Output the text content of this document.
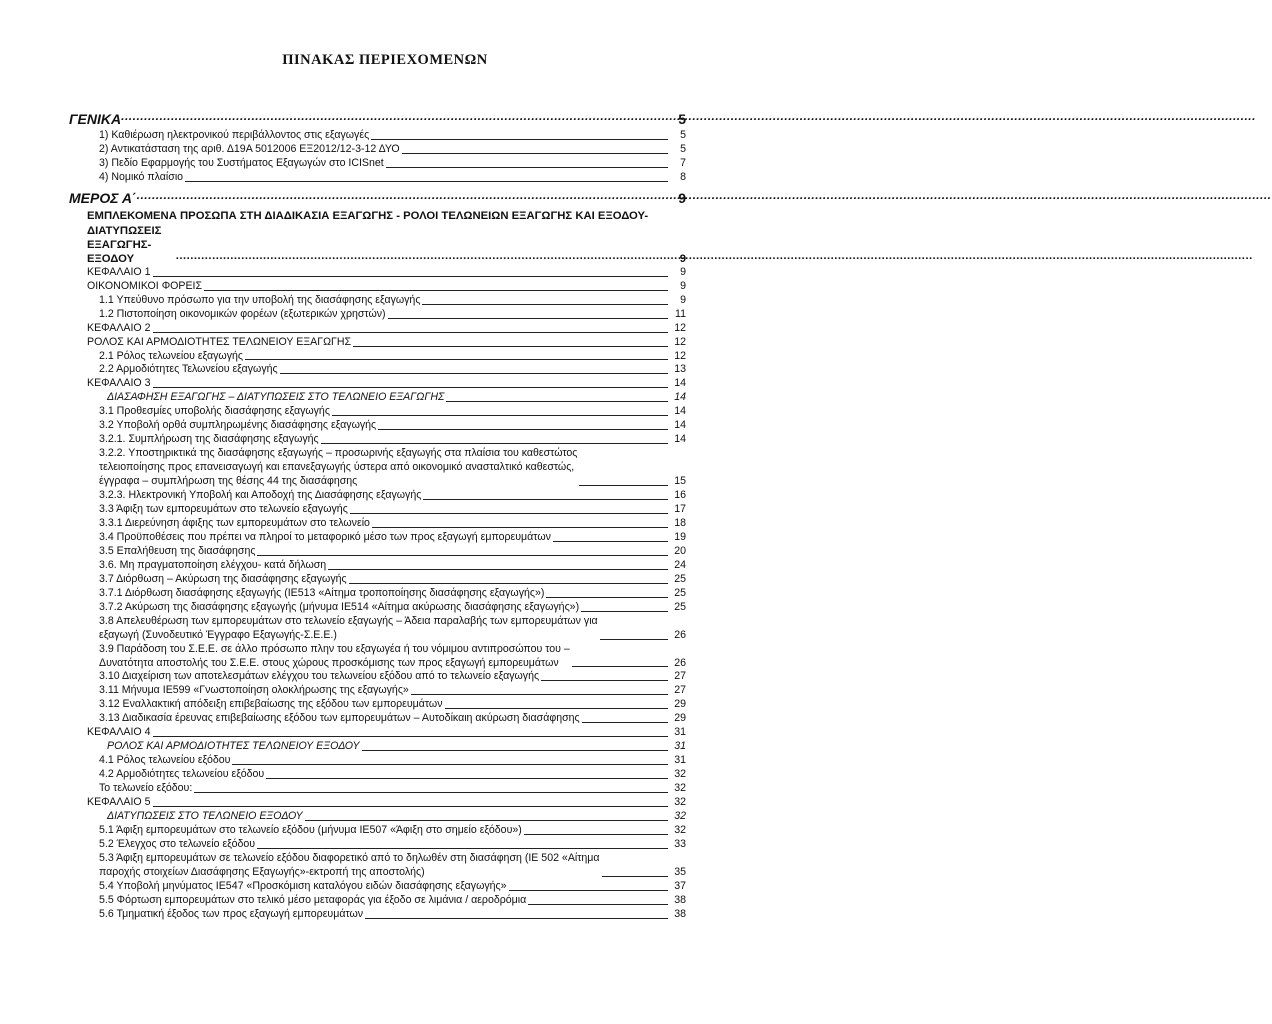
ΠΙΝΑΚΑΣ ΠΕΡΙΕΧΟΜΕΝΩΝ
ΓΕΝΙΚΑ .....	5
1) Καθιέρωση ηλεκτρονικού περιβάλλοντος στις εξαγωγές	5
2) Αντικατάσταση της αριθ. Δ19Α 5012006 ΕΞ2012/12-3-12 ΔΥΟ	5
3) Πεδίο Εφαρμογής του Συστήματος Εξαγωγών στο ICISnet	7
4) Νομικό πλαίσιο	8
ΜΕΡΟΣ Α΄ .....	9
ΕΜΠΛΕΚΟΜΕΝΑ ΠΡΟΣΩΠΑ ΣΤΗ ΔΙΑΔΙΚΑΣΙΑ ΕΞΑΓΩΓΗΣ - ΡΟΛΟΙ ΤΕΛΩΝΕΙΩΝ ΕΞΑΓΩΓΗΣ ΚΑΙ ΕΞΟΔΟΥ-
ΔΙΑΤΥΠΩΣΕΙΣ ΕΞΑΓΩΓΗΣ- ΕΞΟΔΟΥ .....	9
ΚΕΦΑΛΑΙΟ 1	9
ΟΙΚΟΝΟΜΙΚΟΙ ΦΟΡΕΙΣ	9
1.1 Υπεύθυνο πρόσωπο για την υποβολή της διασάφησης εξαγωγής	9
1.2 Πιστοποίηση οικονομικών φορέων (εξωτερικών χρηστών)	11
ΚΕΦΑΛΑΙΟ 2	12
ΡΟΛΟΣ ΚΑΙ ΑΡΜΟΔΙΟΤΗΤΕΣ ΤΕΛΩΝΕΙΟΥ ΕΞΑΓΩΓΗΣ	12
2.1 Ρόλος τελωνείου εξαγωγής	12
2.2 Αρμοδιότητες Τελωνείου εξαγωγής	13
ΚΕΦΑΛΑΙΟ 3	14
ΔΙΑΣΑΦΗΣΗ ΕΞΑΓΩΓΗΣ – ΔΙΑΤΥΠΩΣΕΙΣ ΣΤΟ ΤΕΛΩΝΕΙΟ ΕΞΑΓΩΓΗΣ	14
3.1 Προθεσμίες υποβολής διασάφησης εξαγωγής	14
3.2 Υποβολή ορθά συμπληρωμένης διασάφησης εξαγωγής	14
3.2.1. Συμπλήρωση της διασάφησης εξαγωγής	14
3.2.2. Υποστηρικτικά της διασάφησης εξαγωγής – προσωρινής εξαγωγής στα πλαίσια του καθεστώτος
τελειοποίησης προς επανεισαγωγή και επανεξαγωγής ύστερα από οικονομικό ανασταλτικό καθεστώς,
έγγραφα – συμπλήρωση της θέσης 44 της διασάφησης	15
3.2.3. Ηλεκτρονική Υποβολή και Αποδοχή της Διασάφησης εξαγωγής	16
3.3 Άφιξη των εμπορευμάτων στο τελωνείο εξαγωγής	17
3.3.1 Διερεύνηση άφιξης των εμπορευμάτων στο τελωνείο	18
3.4 Προϋποθέσεις που πρέπει να πληροί το μεταφορικό μέσο των προς εξαγωγή εμπορευμάτων	19
3.5 Επαλήθευση της διασάφησης	20
3.6. Μη πραγματοποίηση ελέγχου- κατά δήλωση	24
3.7 Διόρθωση – Ακύρωση της διασάφησης εξαγωγής	25
3.7.1 Διόρθωση διασάφησης εξαγωγής (IE513 «Αίτημα τροποποίησης διασάφησης εξαγωγής»)	25
3.7.2 Ακύρωση της διασάφησης εξαγωγής (μήνυμα IE514 «Αίτημα ακύρωσης διασάφησης εξαγωγής»)	25
3.8 Απελευθέρωση των εμπορευμάτων στο τελωνείο εξαγωγής – Άδεια παραλαβής των εμπορευμάτων για
εξαγωγή (Συνοδευτικό Έγγραφο Εξαγωγής-Σ.Ε.Ε.)	26
3.9 Παράδοση του Σ.Ε.Ε. σε άλλο πρόσωπο πλην του εξαγωγέα ή του νόμιμου αντιπροσώπου του –
Δυνατότητα αποστολής του Σ.Ε.Ε. στους χώρους προσκόμισης των προς εξαγωγή εμπορευμάτων	26
3.10 Διαχείριση των αποτελεσμάτων ελέγχου του τελωνείου εξόδου από το τελωνείο εξαγωγής	27
3.11 Μήνυμα IE599 «Γνωστοποίηση ολοκλήρωσης της εξαγωγής»	27
3.12 Εναλλακτική απόδειξη επιβεβαίωσης της εξόδου των εμπορευμάτων	29
3.13 Διαδικασία έρευνας επιβεβαίωσης εξόδου των εμπορευμάτων – Αυτοδίκαιη ακύρωση διασάφησης	29
ΚΕΦΑΛΑΙΟ 4	31
ΡΟΛΟΣ ΚΑΙ ΑΡΜΟΔΙΟΤΗΤΕΣ ΤΕΛΩΝΕΙΟΥ ΕΞΟΔΟΥ	31
4.1 Ρόλος τελωνείου εξόδου	31
4.2 Αρμοδιότητες τελωνείου εξόδου	32
Το τελωνείο εξόδου:	32
ΚΕΦΑΛΑΙΟ 5	32
ΔΙΑΤΥΠΩΣΕΙΣ ΣΤΟ ΤΕΛΩΝΕΙΟ ΕΞΟΔΟΥ	32
5.1 Άφιξη εμπορευμάτων στο τελωνείο εξόδου (μήνυμα IE507 «Άφιξη στο σημείο εξόδου»)	32
5.2 Έλεγχος στο τελωνείο εξόδου	33
5.3 Άφιξη εμπορευμάτων σε τελωνείο εξόδου διαφορετικό από το δηλωθέν στη διασάφηση (IE 502 «Αίτημα
παροχής στοιχείων Διασάφησης Εξαγωγής»-εκτροπή της αποστολής)	35
5.4 Υποβολή μηνύματος IE547 «Προσκόμιση καταλόγου ειδών διασάφησης εξαγωγής»	37
5.5 Φόρτωση εμπορευμάτων στο τελικό μέσο μεταφοράς για έξοδο σε λιμάνια / αεροδρόμια	38
5.6 Τμηματική έξοδος των προς εξαγωγή εμπορευμάτων	38
